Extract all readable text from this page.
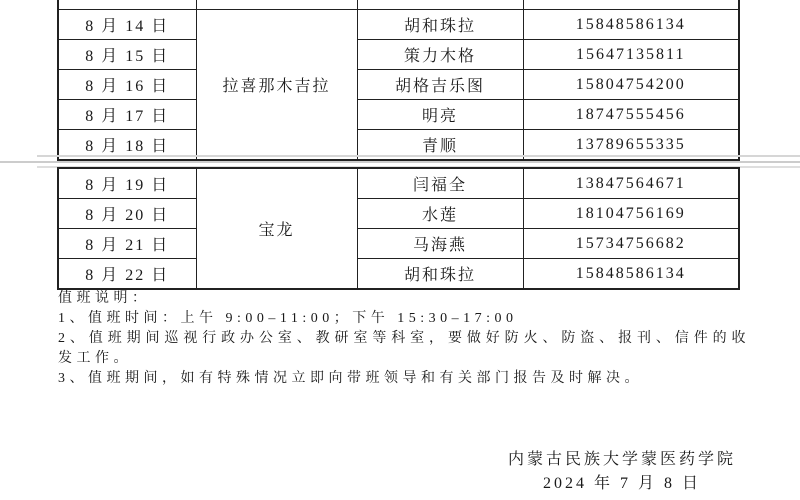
8 月 14 日	拉喜那木吉拉	胡和珠拉	15848586134
8 月 15 日		策力木格	15647135811
8 月 16 日		胡格吉乐图	15804754200
8 月 17 日		明亮	18747555456
8 月 18 日		青顺	13789655335
8 月 19 日	宝龙	闫福全	13847564671
8 月 20 日		水莲	18104756169
8 月 21 日		马海燕	15734756682
8 月 22 日		胡和珠拉	15848586134
值班说明：
1、值班时间：上午 9:00–11:00；下午 15:30–17:00
2、值班期间巡视行政办公室、教研室等科室，要做好防火、防盗、报刊、信件的收发工作。
3、值班期间，如有特殊情况立即向带班领导和有关部门报告及时解决。
内蒙古民族大学蒙医药学院
2024 年 7 月 8 日
